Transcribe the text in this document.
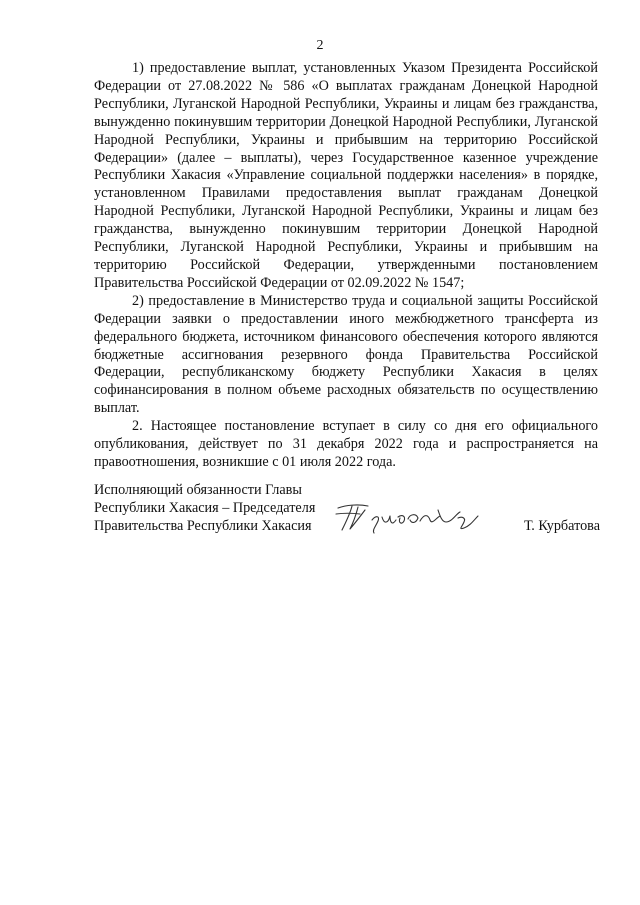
2

1) предоставление выплат, установленных Указом Президента Российской Федерации от 27.08.2022 № 586 «О выплатах гражданам Донецкой Народной Республики, Луганской Народной Республики, Украины и лицам без гражданства, вынужденно покинувшим территории Донецкой Народной Республики, Луганской Народной Республики, Украины и прибывшим на территорию Российской Федерации» (далее – выплаты), через Государственное казенное учреждение Республики Хакасия «Управление социальной поддержки населения» в порядке, установленном Правилами предоставления выплат гражданам Донецкой Народной Республики, Луганской Народной Республики, Украины и лицам без гражданства, вынужденно покинувшим территории Донецкой Народной Республики, Луганской Народной Республики, Украины и прибывшим на территорию Российской Федерации, утвержденными постановлением Правительства Российской Федерации от 02.09.2022 № 1547;

2) предоставление в Министерство труда и социальной защиты Российской Федерации заявки о предоставлении иного межбюджетного трансферта из федерального бюджета, источником финансового обеспечения которого являются бюджетные ассигнования резервного фонда Правительства Российской Федерации, республиканскому бюджету Республики Хакасия в целях софинансирования в полном объеме расходных обязательств по осуществлению выплат.

2. Настоящее постановление вступает в силу со дня его официального опубликования, действует по 31 декабря 2022 года и распространяется на правоотношения, возникшие с 01 июля 2022 года.

Исполняющий обязанности Главы
Республики Хакасия – Председателя
Правительства Республики Хакасия	Т. Курбатова
